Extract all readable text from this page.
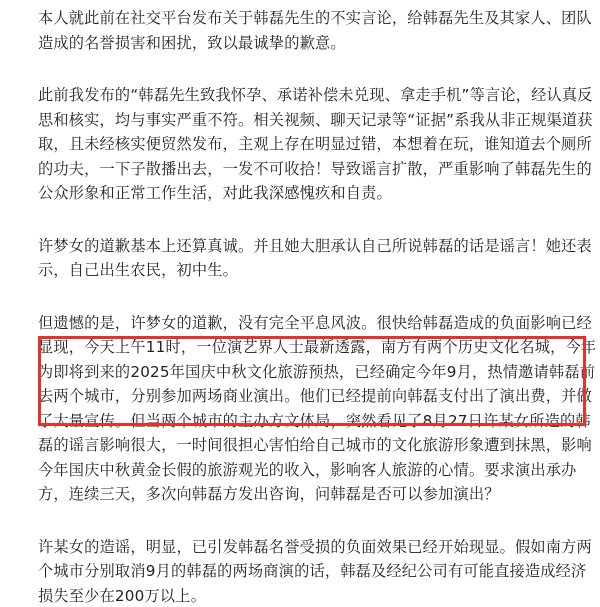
本人就此前在社交平台发布关于韩磊先生的不实言论，给韩磊先生及其家人、团队
造成的名誉损害和困扰，致以最诚挚的歉意。
此前我发布的“韩磊先生致我怀孕、承诺补偿未兑现、拿走手机”等言论，经认真反
思和核实，均与事实严重不符。相关视频、聊天记录等“证据”系我从非正规渠道获
取，且未经核实便贸然发布，主观上存在明显过错，本想着在玩，谁知道去个厕所
的功夫，一下子散播出去，一发不可收拾！导致谣言扩散，严重影响了韩磊先生的
公众形象和正常工作生活，对此我深感愧疚和自责。
许梦女的道歉基本上还算真诚。并且她大胆承认自己所说韩磊的话是谣言！她还表
示，自己出生农民，初中生。
但遗憾的是，许梦女的道歉，没有完全平息风波。很快给韩磊造成的负面影响已经
显现，今天上午11时，一位演艺界人士最新透露，南方有两个历史文化名城，今年
为即将到来的2025年国庆中秋文化旅游预热，已经确定今年9月，热情邀请韩磊前
去两个城市，分别参加两场商业演出。他们已经提前向韩磊支付出了演出费，并做
了大量宣传。但当两个城市的主办方文体局，突然看见了8月27日许某女所造的韩
磊的谣言影响很大，一时间很担心害怕给自己城市的文化旅游形象遭到抹黑，影响
今年国庆中秋黄金长假的旅游观光的收入，影响客人旅游的心情。要求演出承办
方，连续三天，多次向韩磊方发出咨询，问韩磊是否可以参加演出？
许某女的造谣，明显，已引发韩磊名誉受损的负面效果已经开始现显。假如南方两
个城市分别取消9月的韩磊的两场商演的话，韩磊及经纪公司有可能直接造成经济
损失至少在200万以上。
